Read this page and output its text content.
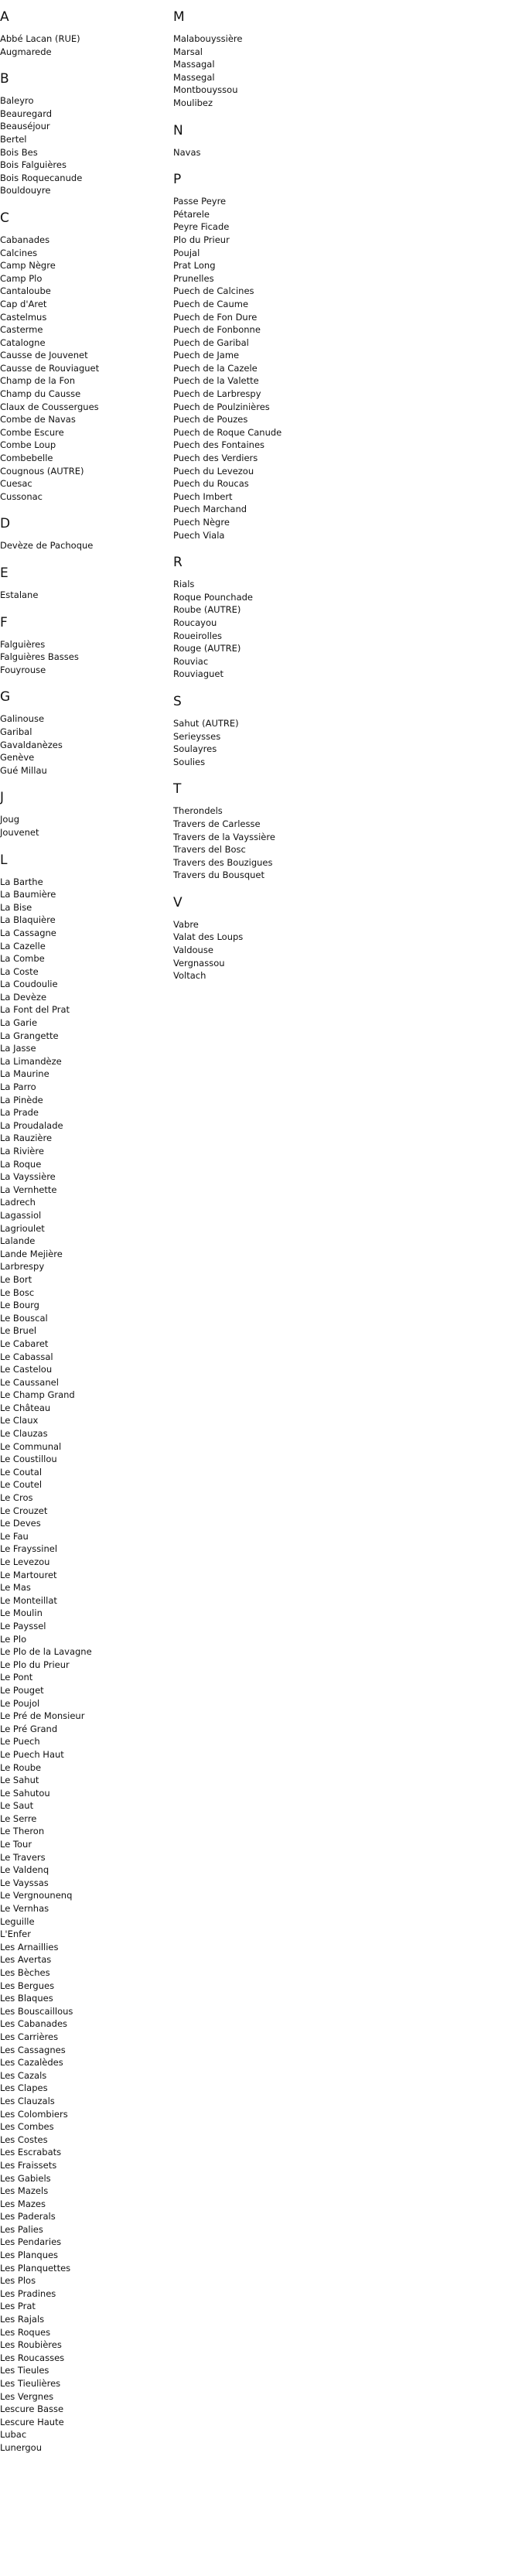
A
Abbé Lacan (RUE)
Augmarede
B
Baleyro
Beauregard
Beauséjour
Bertel
Bois Bes
Bois Falguières
Bois Roquecanude
Bouldouyre
C
Cabanades
Calcines
Camp Nègre
Camp Plo
Cantaloube
Cap d'Aret
Castelmus
Casterme
Catalogne
Causse de Jouvenet
Causse de Rouviaguet
Champ de la Fon
Champ du Causse
Claux de Coussergues
Combe de Navas
Combe Escure
Combe Loup
Combebelle
Cougnous (AUTRE)
Cuesac
Cussonac
D
Devèze de Pachoque
E
Estalane
F
Falguières
Falguières Basses
Fouyrouse
G
Galinouse
Garibal
Gavaldanèzes
Genève
Gué Millau
J
Joug
Jouvenet
L
La Barthe
La Baumière
La Bise
La Blaquière
La Cassagne
La Cazelle
La Combe
La Coste
La Coudoulie
La Devèze
La Font del Prat
La Garie
La Grangette
La Jasse
La Limandèze
La Maurine
La Parro
La Pinède
La Prade
La Proudalade
La Rauzière
La Rivière
La Roque
La Vayssière
La Vernhette
Ladrech
Lagassiol
Lagrioulet
Lalande
Lande Mejière
Larbrespy
Le Bort
Le Bosc
Le Bourg
Le Bouscal
Le Bruel
Le Cabaret
Le Cabassal
Le Castelou
Le Caussanel
Le Champ Grand
Le Château
Le Claux
Le Clauzas
Le Communal
Le Coustillou
Le Coutal
Le Coutel
Le Cros
Le Crouzet
Le Deves
Le Fau
Le Frayssinel
Le Levezou
Le Martouret
Le Mas
Le Monteillat
Le Moulin
Le Payssel
Le Plo
Le Plo de la Lavagne
Le Plo du Prieur
Le Pont
Le Pouget
Le Poujol
Le Pré de Monsieur
Le Pré Grand
Le Puech
Le Puech Haut
Le Roube
Le Sahut
Le Sahutou
Le Saut
Le Serre
Le Theron
Le Tour
Le Travers
Le Valdenq
Le Vayssas
Le Vergnounenq
Le Vernhas
Leguille
L'Enfer
Les Arnaillies
Les Avertas
Les Bèches
Les Bergues
Les Blaques
Les Bouscaillous
Les Cabanades
Les Carrières
Les Cassagnes
Les Cazalèdes
Les Cazals
Les Clapes
Les Clauzals
Les Colombiers
Les Combes
Les Costes
Les Escrabats
Les Fraissets
Les Gabiels
Les Mazels
Les Mazes
Les Paderals
Les Palies
Les Pendaries
Les Planques
Les Planquettes
Les Plos
Les Pradines
Les Prat
Les Rajals
Les Roques
Les Roubières
Les Roucasses
Les Tieules
Les Tieulières
Les Vergnes
Lescure Basse
Lescure Haute
Lubac
Lunergou
M
Malabouyssière
Marsal
Massagal
Massegal
Montbouyssou
Moulibez
N
Navas
P
Passe Peyre
Pétarele
Peyre Ficade
Plo du Prieur
Poujal
Prat Long
Prunelles
Puech de Calcines
Puech de Caume
Puech de Fon Dure
Puech de Fonbonne
Puech de Garibal
Puech de Jame
Puech de la Cazele
Puech de la Valette
Puech de Larbrespy
Puech de Poulzinières
Puech de Pouzes
Puech de Roque Canude
Puech des Fontaines
Puech des Verdiers
Puech du Levezou
Puech du Roucas
Puech Imbert
Puech Marchand
Puech Nègre
Puech Viala
R
Rials
Roque Pounchade
Roube (AUTRE)
Roucayou
Roueirolles
Rouge (AUTRE)
Rouviac
Rouviaguet
S
Sahut (AUTRE)
Serieysses
Soulayres
Soulies
T
Therondels
Travers de Carlesse
Travers de la Vayssière
Travers del Bosc
Travers des Bouzigues
Travers du Bousquet
V
Vabre
Valat des Loups
Valdouse
Vergnassou
Voltach
